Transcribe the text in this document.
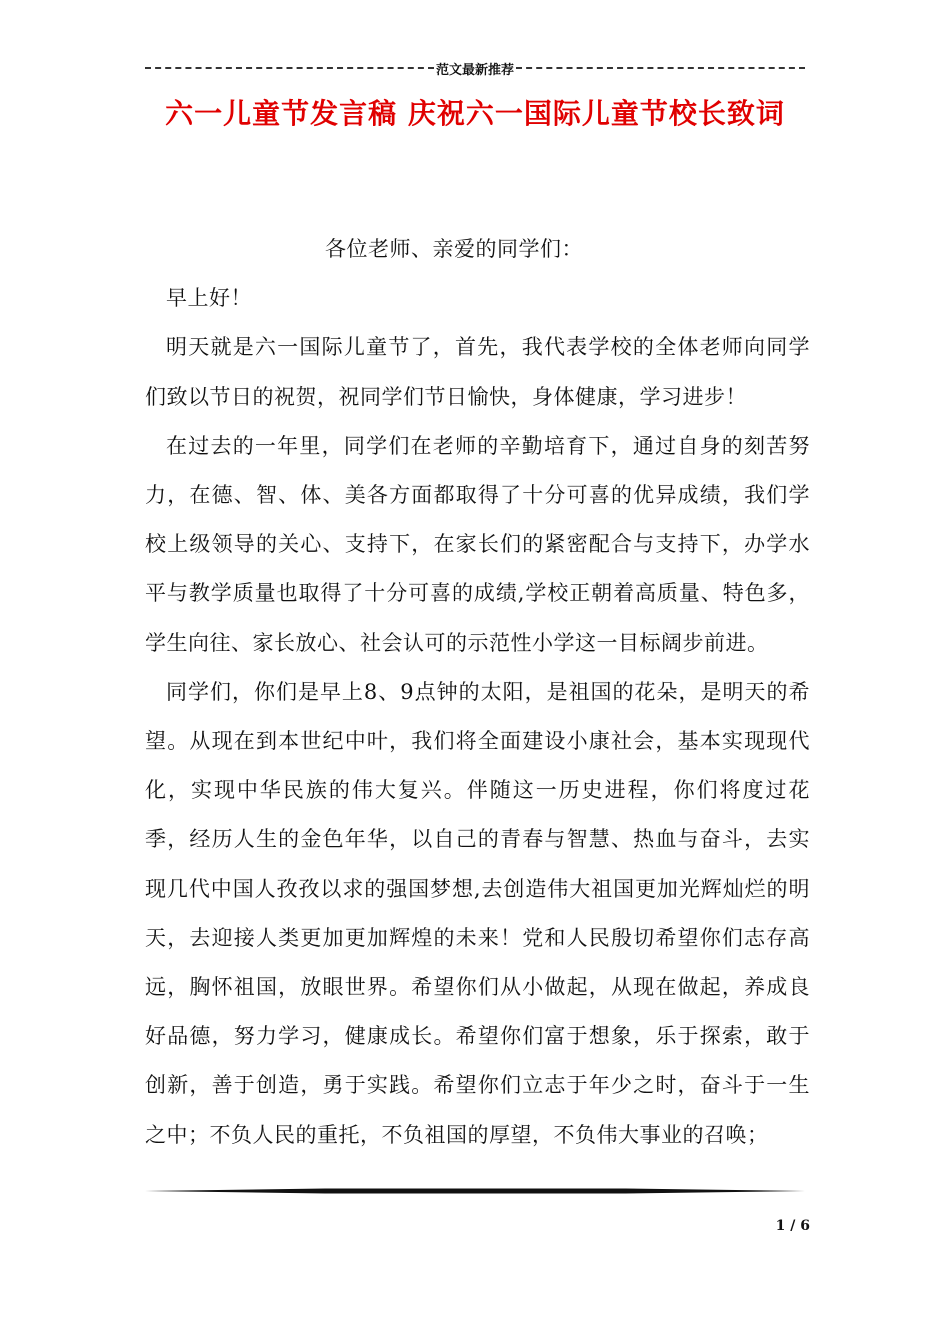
范文最新推荐
六一儿童节发言稿 庆祝六一国际儿童节校长致词

各位老师、亲爱的同学们：

早上好！

明天就是六一国际儿童节了，首先，我代表学校的全体老师向同学们致以节日的祝贺，祝同学们节日愉快，身体健康，学习进步！

在过去的一年里，同学们在老师的辛勤培育下，通过自身的刻苦努力，在德、智、体、美各方面都取得了十分可喜的优异成绩，我们学校上级领导的关心、支持下，在家长们的紧密配合与支持下，办学水平与教学质量也取得了十分可喜的成绩,学校正朝着高质量、特色多，学生向往、家长放心、社会认可的示范性小学这一目标阔步前进。

同学们，你们是早上8、9点钟的太阳，是祖国的花朵，是明天的希望。从现在到本世纪中叶，我们将全面建设小康社会，基本实现现代化，实现中华民族的伟大复兴。伴随这一历史进程，你们将度过花季，经历人生的金色年华，以自己的青春与智慧、热血与奋斗，去实现几代中国人孜孜以求的强国梦想,去创造伟大祖国更加光辉灿烂的明天，去迎接人类更加更加辉煌的未来！党和人民殷切希望你们志存高远，胸怀祖国，放眼世界。希望你们从小做起，从现在做起，养成良好品德，努力学习，健康成长。希望你们富于想象，乐于探索，敢于创新，善于创造，勇于实践。希望你们立志于年少之时，奋斗于一生之中；不负人民的重托，不负祖国的厚望，不负伟大事业的召唤；

1 / 6
